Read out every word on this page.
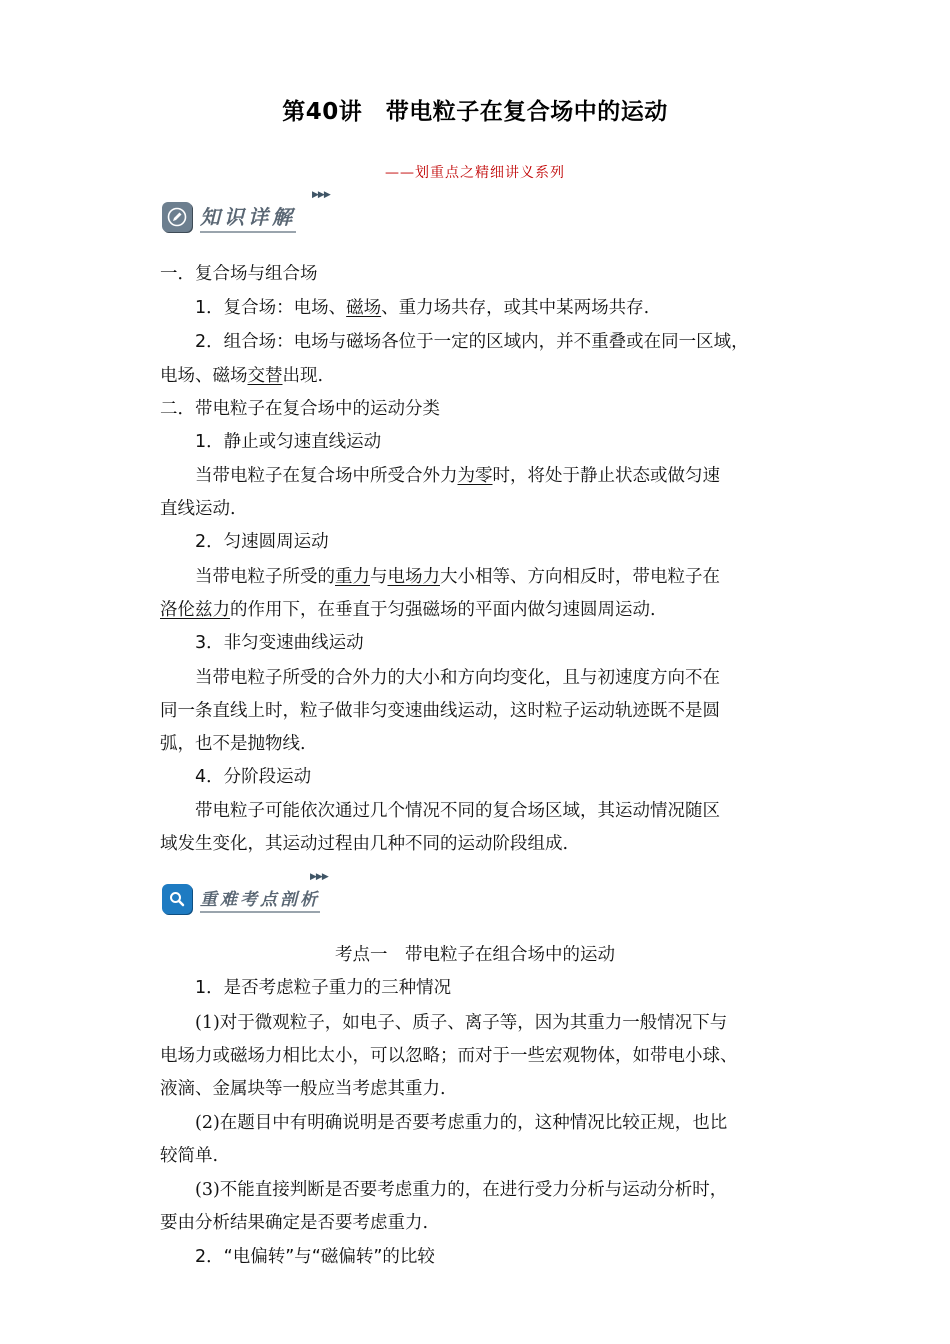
第40讲　带电粒子在复合场中的运动
——划重点之精细讲义系列
知识详解
▶▶▶
一．复合场与组合场
1．复合场：电场、磁场、重力场共存，或其中某两场共存.
2．组合场：电场与磁场各位于一定的区域内，并不重叠或在同一区域，
电场、磁场交替出现.
二．带电粒子在复合场中的运动分类
1．静止或匀速直线运动
当带电粒子在复合场中所受合外力为零时，将处于静止状态或做匀速
直线运动.
2．匀速圆周运动
当带电粒子所受的重力与电场力大小相等、方向相反时，带电粒子在
洛伦兹力的作用下，在垂直于匀强磁场的平面内做匀速圆周运动.
3．非匀变速曲线运动
当带电粒子所受的合外力的大小和方向均变化，且与初速度方向不在
同一条直线上时，粒子做非匀变速曲线运动，这时粒子运动轨迹既不是圆
弧，也不是抛物线.
4．分阶段运动
带电粒子可能依次通过几个情况不同的复合场区域，其运动情况随区
域发生变化，其运动过程由几种不同的运动阶段组成.
重难考点剖析
▶▶▶
考点一　带电粒子在组合场中的运动
1．是否考虑粒子重力的三种情况
(1)对于微观粒子，如电子、质子、离子等，因为其重力一般情况下与
电场力或磁场力相比太小，可以忽略；而对于一些宏观物体，如带电小球、
液滴、金属块等一般应当考虑其重力.
(2)在题目中有明确说明是否要考虑重力的，这种情况比较正规，也比
较简单.
(3)不能直接判断是否要考虑重力的，在进行受力分析与运动分析时，
要由分析结果确定是否要考虑重力.
2．“电偏转”与“磁偏转”的比较
